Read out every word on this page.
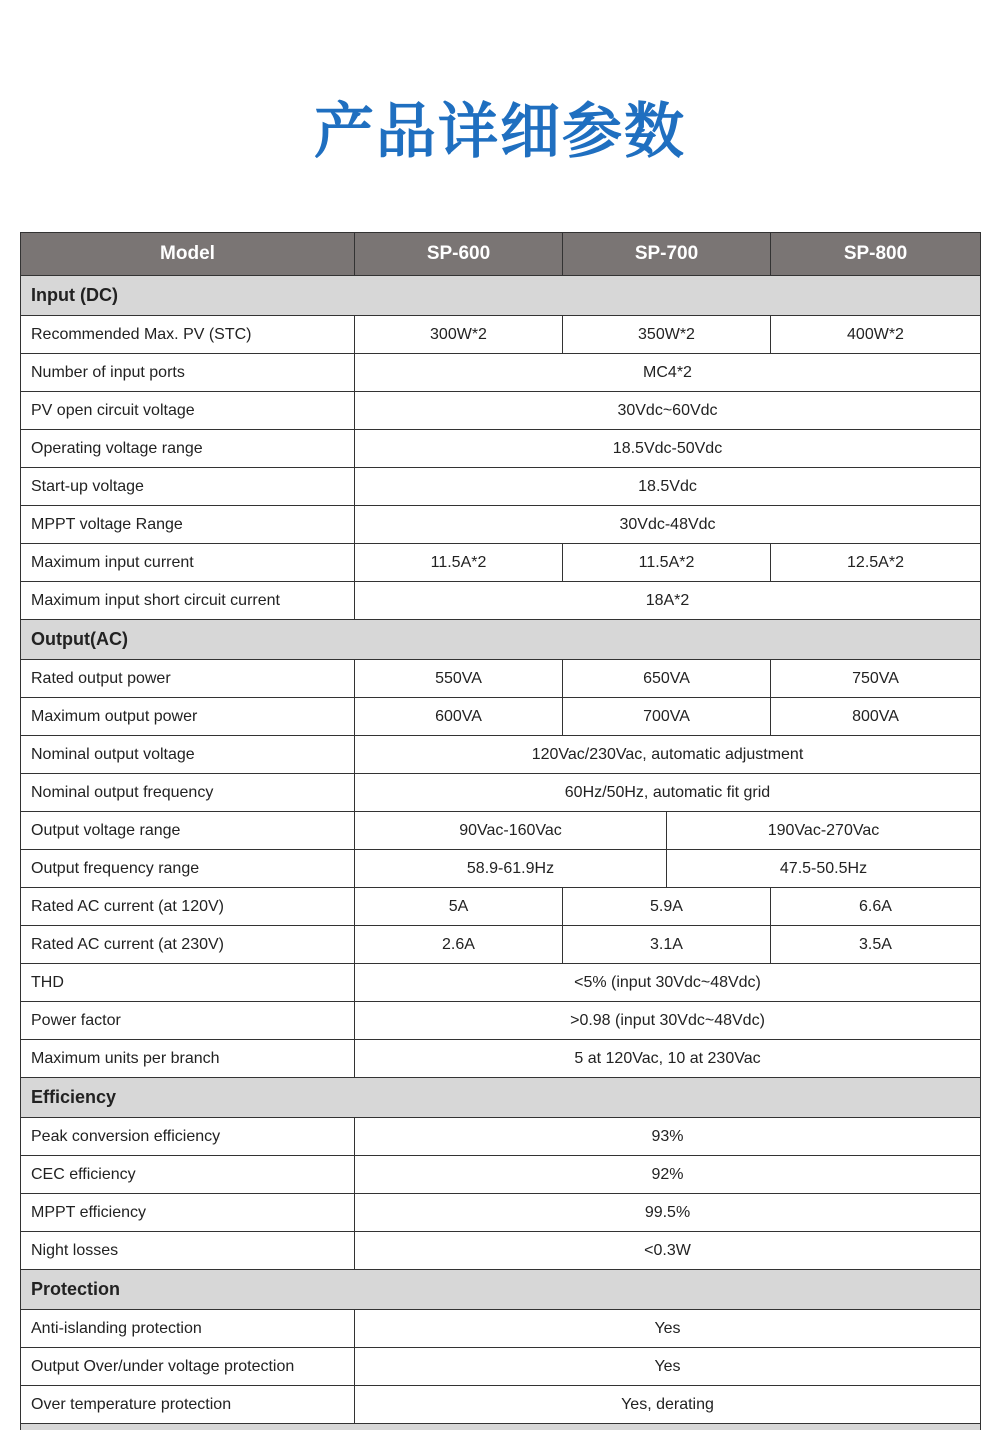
产品详细参数
Model	SP-600	SP-700		SP-800
Input (DC)				
Recommended Max. PV (STC)	300W*2	350W*2		400W*2
Number of input ports	MC4*2			
PV open circuit voltage	30Vdc~60Vdc			
Operating voltage range	18.5Vdc-50Vdc			
Start-up voltage	18.5Vdc			
MPPT voltage Range	30Vdc-48Vdc			
Maximum input current	11.5A*2	11.5A*2		12.5A*2
Maximum input short circuit current	18A*2			
Output(AC)				
Rated output power	550VA	650VA		750VA
Maximum output power	600VA	700VA		800VA
Nominal output voltage	120Vac/230Vac, automatic adjustment			
Nominal output frequency	60Hz/50Hz, automatic fit grid			
Output voltage range	90Vac-160Vac		190Vac-270Vac	
Output frequency range	58.9-61.9Hz		47.5-50.5Hz	
Rated AC current (at 120V)	5A	5.9A		6.6A
Rated AC current (at 230V)	2.6A	3.1A		3.5A
THD	<5% (input 30Vdc~48Vdc)			
Power factor	>0.98 (input 30Vdc~48Vdc)			
Maximum units per branch	5 at 120Vac, 10 at 230Vac			
Efficiency				
Peak conversion efficiency	93%			
CEC efficiency	92%			
MPPT efficiency	99.5%			
Night losses	<0.3W			
Protection				
Anti-islanding protection	Yes			
Output Over/under voltage protection	Yes			
Over temperature protection	Yes, derating			
